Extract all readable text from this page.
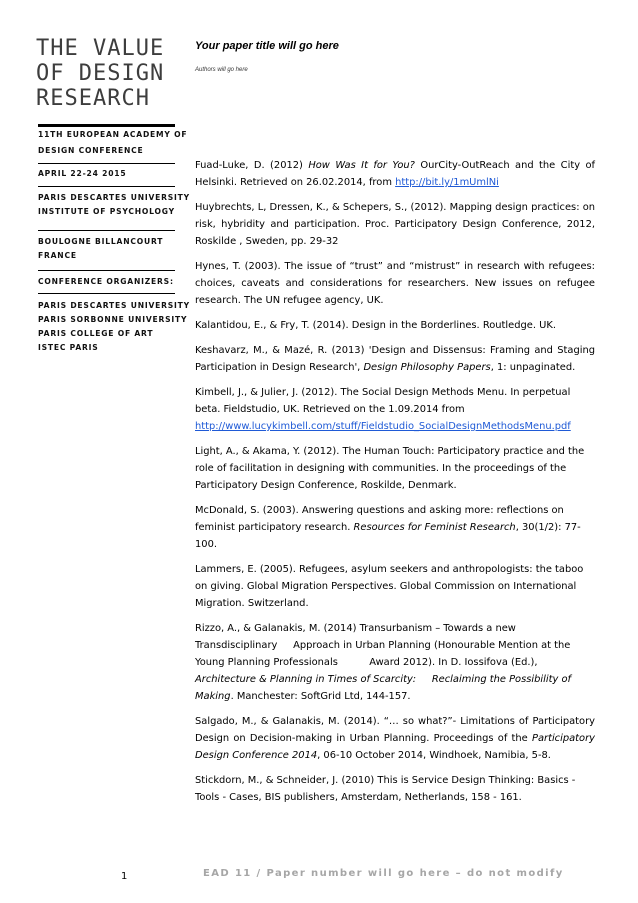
THE VALUE
OF DESIGN
RESEARCH
11TH EUROPEAN ACADEMY OF
DESIGN CONFERENCE
APRIL 22-24 2015
PARIS DESCARTES UNIVERSITY
INSTITUTE OF PSYCHOLOGY
BOULOGNE BILLANCOURT
FRANCE
CONFERENCE ORGANIZERS:
PARIS DESCARTES UNIVERSITY
PARIS SORBONNE UNIVERSITY
PARIS COLLEGE OF ART
ISTEC PARIS
Your paper title will go here
Authors will go here

Fuad-Luke, D. (2012) How Was It for You? OurCity-OutReach and the City of Helsinki. Retrieved on 26.02.2014, from http://bit.ly/1mUmlNi

Huybrechts, L, Dressen, K., & Schepers, S., (2012). Mapping design practices: on risk, hybridity and participation. Proc. Participatory Design Conference, 2012, Roskilde , Sweden, pp. 29-32

Hynes, T. (2003). The issue of “trust” and “mistrust” in research with refugees: choices, caveats and considerations for researchers. New issues on refugee research. The UN refugee agency, UK.

Kalantidou, E., & Fry, T. (2014). Design in the Borderlines. Routledge. UK.

Keshavarz, M., & Mazé, R. (2013) 'Design and Dissensus: Framing and Staging Participation in Design Research', Design Philosophy Papers, 1: unpaginated.

Kimbell, J., & Julier, J. (2012). The Social Design Methods Menu. In perpetual beta. Fieldstudio, UK. Retrieved on the 1.09.2014 from http://www.lucykimbell.com/stuff/Fieldstudio_SocialDesignMethodsMenu.pdf

Light, A., & Akama, Y. (2012). The Human Touch: Participatory practice and the role of facilitation in designing with communities. In the proceedings of the Participatory Design Conference, Roskilde, Denmark.

McDonald, S. (2003). Answering questions and asking more: reflections on feminist participatory research. Resources for Feminist Research, 30(1/2): 77-100.

Lammers, E. (2005). Refugees, asylum seekers and anthropologists: the taboo on giving. Global Migration Perspectives. Global Commission on International Migration. Switzerland.

Rizzo, A., & Galanakis, M. (2014) Transurbanism – Towards a new Transdisciplinary     Approach in Urban Planning (Honourable Mention at the Young Planning Professionals          Award 2012). In D. Iossifova (Ed.), Architecture & Planning in Times of Scarcity:     Reclaiming the Possibility of Making. Manchester: SoftGrid Ltd, 144-157.

Salgado, M., & Galanakis, M. (2014). “… so what?”- Limitations of Participatory Design on Decision-making in Urban Planning. Proceedings of the Participatory Design Conference 2014, 06-10 October 2014, Windhoek, Namibia, 5-8.

Stickdorn, M., & Schneider, J. (2010) This is Service Design Thinking: Basics - Tools - Cases, BIS publishers, Amsterdam, Netherlands, 158 - 161.

1	EAD 11 / Paper number will go here – do not modify
